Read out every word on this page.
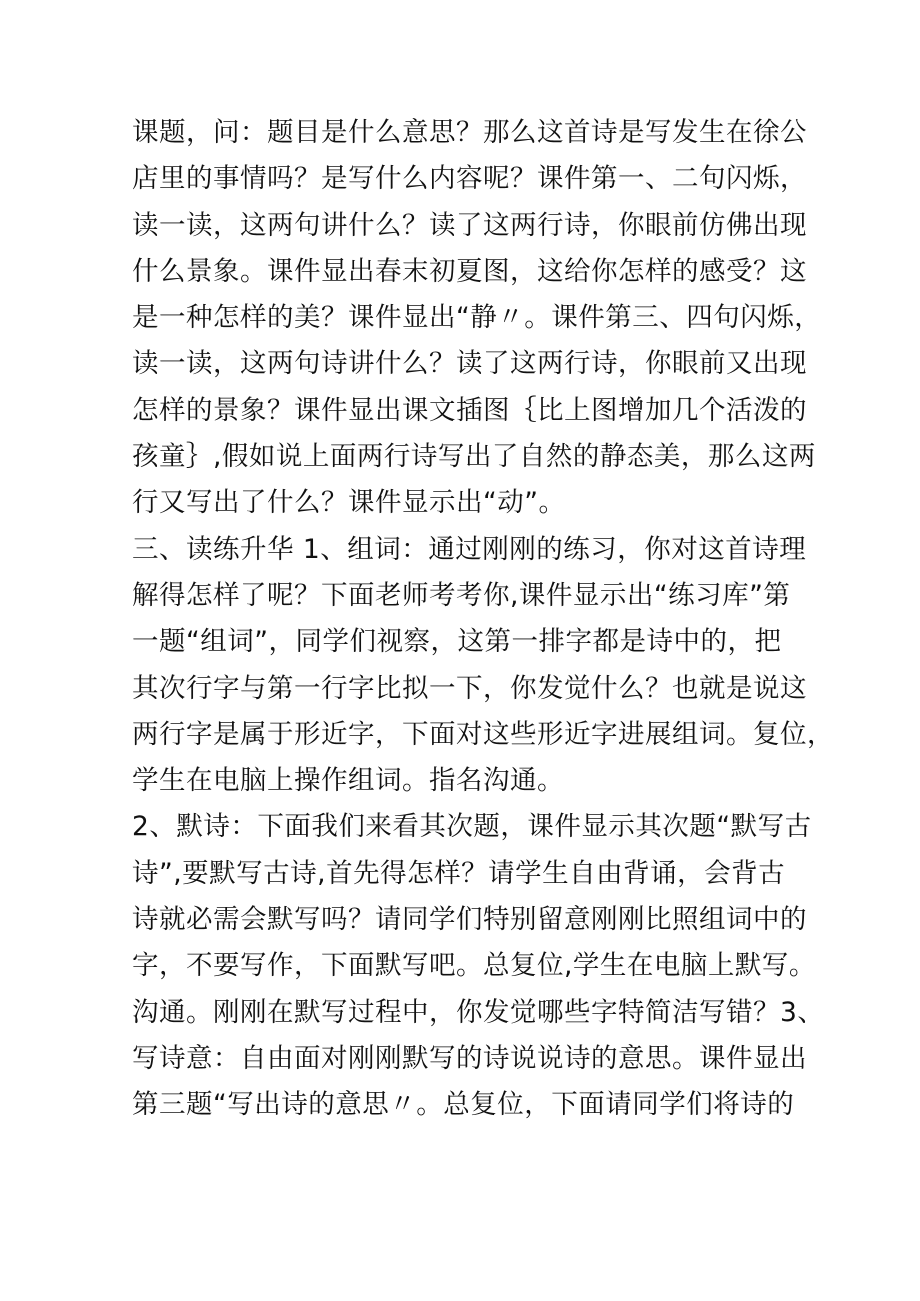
课题，问：题目是什么意思？那么这首诗是写发生在徐公
店里的事情吗？是写什么内容呢？课件第一、二句闪烁，
读一读，这两句讲什么？读了这两行诗，你眼前仿佛出现
什么景象。课件显出春末初夏图，这给你怎样的感受？这
是一种怎样的美？课件显出“静〃。课件第三、四句闪烁，
读一读，这两句诗讲什么？读了这两行诗，你眼前又出现
怎样的景象？课件显出课文插图｛比上图增加几个活泼的
孩童｝,假如说上面两行诗写出了自然的静态美，那么这两
行又写出了什么？课件显示出“动”。
三、读练升华 1、组词：通过刚刚的练习，你对这首诗理
解得怎样了呢？下面老师考考你,课件显示出“练习库”第
一题“组词”，同学们视察，这第一排字都是诗中的，把
其次行字与第一行字比拟一下，你发觉什么？也就是说这
两行字是属于形近字，下面对这些形近字进展组词。复位，
学生在电脑上操作组词。指名沟通。
2、默诗：下面我们来看其次题，课件显示其次题“默写古
诗”,要默写古诗,首先得怎样？请学生自由背诵，会背古
诗就必需会默写吗？请同学们特别留意刚刚比照组词中的
字，不要写作，下面默写吧。总复位,学生在电脑上默写。
沟通。刚刚在默写过程中，你发觉哪些字特简洁写错？3、
写诗意：自由面对刚刚默写的诗说说诗的意思。课件显出
第三题“写出诗的意思〃。总复位，下面请同学们将诗的
